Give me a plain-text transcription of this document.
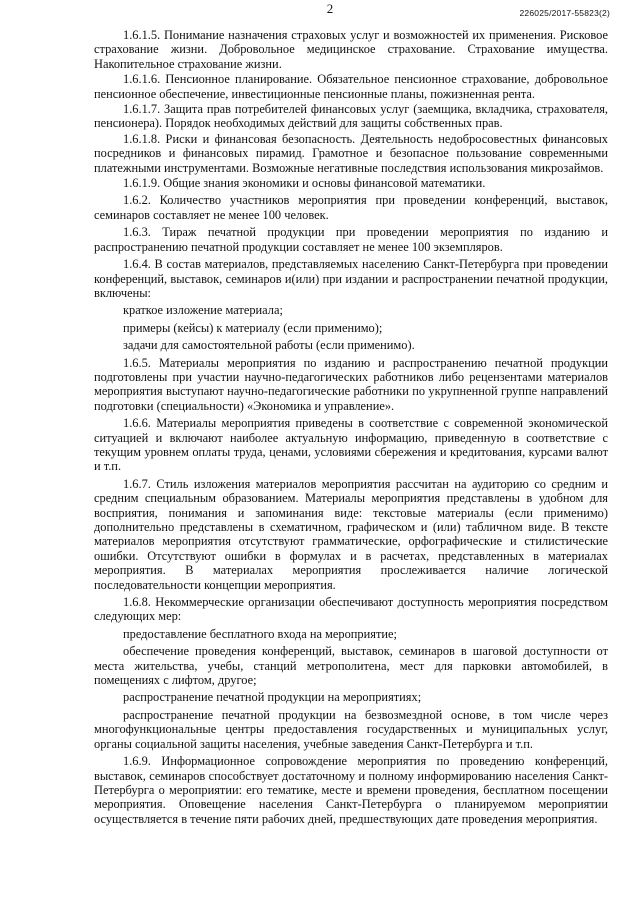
2	226025/2017-55823(2)

1.6.1.5. Понимание назначения страховых услуг и возможностей их применения. Рисковое страхование жизни. Добровольное медицинское страхование. Страхование имущества. Накопительное страхование жизни.

1.6.1.6. Пенсионное планирование. Обязательное пенсионное страхование, добровольное пенсионное обеспечение, инвестиционные пенсионные планы, пожизненная рента.

1.6.1.7. Защита прав потребителей финансовых услуг (заемщика, вкладчика, страхователя, пенсионера). Порядок необходимых действий для защиты собственных прав.

1.6.1.8. Риски и финансовая безопасность. Деятельность недобросовестных финансовых посредников и финансовых пирамид. Грамотное и безопасное пользование современными платежными инструментами. Возможные негативные последствия использования микрозаймов.

1.6.1.9. Общие знания экономики и основы финансовой математики.

1.6.2. Количество участников мероприятия при проведении конференций, выставок, семинаров составляет не менее 100 человек.

1.6.3. Тираж печатной продукции при проведении мероприятия по изданию и распространению печатной продукции составляет не менее 100 экземпляров.

1.6.4. В состав материалов, представляемых населению Санкт-Петербурга при проведении конференций, выставок, семинаров и(или) при издании и распространении печатной продукции, включены:

краткое изложение материала;

примеры (кейсы) к материалу (если применимо);

задачи для самостоятельной работы (если применимо).

1.6.5. Материалы мероприятия по изданию и распространению печатной продукции подготовлены при участии научно-педагогических работников либо рецензентами материалов мероприятия выступают научно-педагогические работники по укрупненной группе направлений подготовки (специальности) «Экономика и управление».

1.6.6. Материалы мероприятия приведены в соответствие с современной экономической ситуацией и включают наиболее актуальную информацию, приведенную в соответствие с текущим уровнем оплаты труда, ценами, условиями сбережения и кредитования, курсами валют и т.п.

1.6.7. Стиль изложения материалов мероприятия рассчитан на аудиторию со средним и средним специальным образованием. Материалы мероприятия представлены в удобном для восприятия, понимания и запоминания виде: текстовые материалы (если применимо) дополнительно представлены в схематичном, графическом и (или) табличном виде. В тексте материалов мероприятия отсутствуют грамматические, орфографические и стилистические ошибки. Отсутствуют ошибки в формулах и в расчетах, представленных в материалах мероприятия. В материалах мероприятия прослеживается наличие логической последовательности концепции мероприятия.

1.6.8. Некоммерческие организации обеспечивают доступность мероприятия посредством следующих мер:

предоставление бесплатного входа на мероприятие;

обеспечение проведения конференций, выставок, семинаров в шаговой доступности от места жительства, учебы, станций метрополитена, мест для парковки автомобилей, в помещениях с лифтом, другое;

распространение печатной продукции на мероприятиях;

распространение печатной продукции на безвозмездной основе, в том числе через многофункциональные центры предоставления государственных и муниципальных услуг, органы социальной защиты населения, учебные заведения Санкт-Петербурга и т.п.

1.6.9. Информационное сопровождение мероприятия по проведению конференций, выставок, семинаров способствует достаточному и полному информированию населения Санкт-Петербурга о мероприятии: его тематике, месте и времени проведения, бесплатном посещении мероприятия. Оповещение населения Санкт-Петербурга о планируемом мероприятии осуществляется в течение пяти рабочих дней, предшествующих дате проведения мероприятия.
